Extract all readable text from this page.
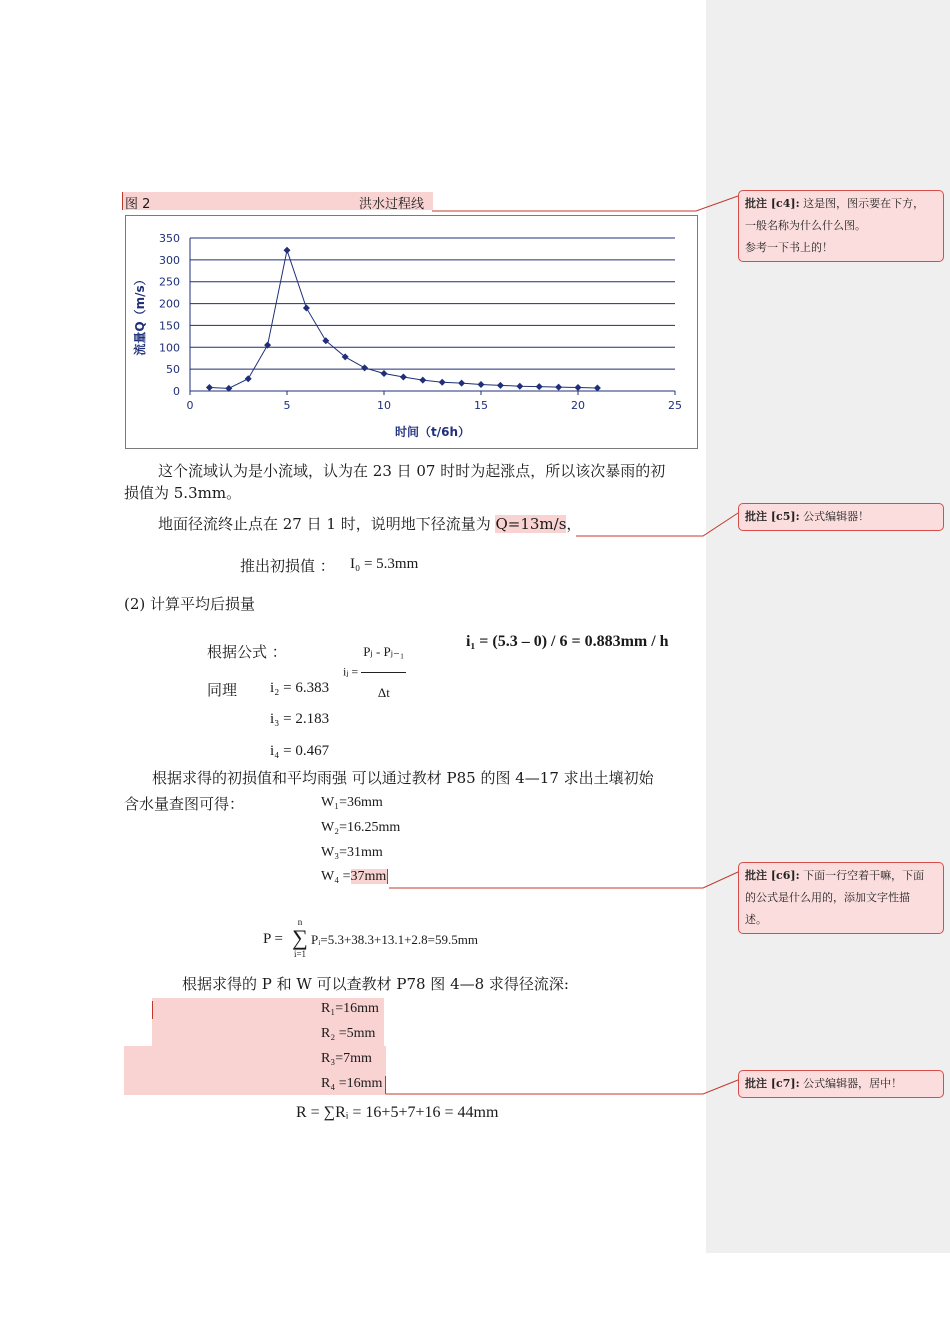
图 2	洪水过程线
0
50
100
150
200
250
300
350
0	5	10	15	20	25
时间（t/6h）
流量Q（m/s）
这个流域认为是小流域，认为在 23 日 07 时时为起涨点，所以该次暴雨的初
损值为 5.3mm。
地面径流终止点在 27 日 1 时，说明地下径流量为 Q=13m/s，
推出初损值 ： I₀ = 5.3mm
(2) 计算平均后损量
根据公式 ：
iⱼ = $\frac{\text{Pⱼ - Pⱼ₋₁}}{\Delta t}$	i₁ = (5.3 – 0) / 6 = 0.883mm / h
同理 i₂ = 6.383
i₃ = 2.183
i₄ = 0.467
根据求得的初损值和平均雨强 可以通过教材 P85 的图 4—17 求出土壤初始
含水量查图可得：	W₁=36mm
W₂=16.25mm
W₃=31mm
W₄ =37mm
P =
n
∑
i=1
Pᵢ=5.3+38.3+13.1+2.8=59.5mm
根据求得的 P 和 W 可以查教材 P78 图 4—8 求得径流深:
R₁=16mm
R₂ =5mm
R₃=7mm
R₄ =16mm
R = ∑Rᵢ = 16+5+7+16 = 44mm
批注 [c4]: 这是图，图示要在下方，
一般名称为什么什么图。
参考一下书上的！
批注 [c5]: 公式编辑器！
批注 [c6]: 下面一行空着干嘛，下面
的公式是什么用的，添加文字性描
述。
批注 [c7]: 公式编辑器，居中！
